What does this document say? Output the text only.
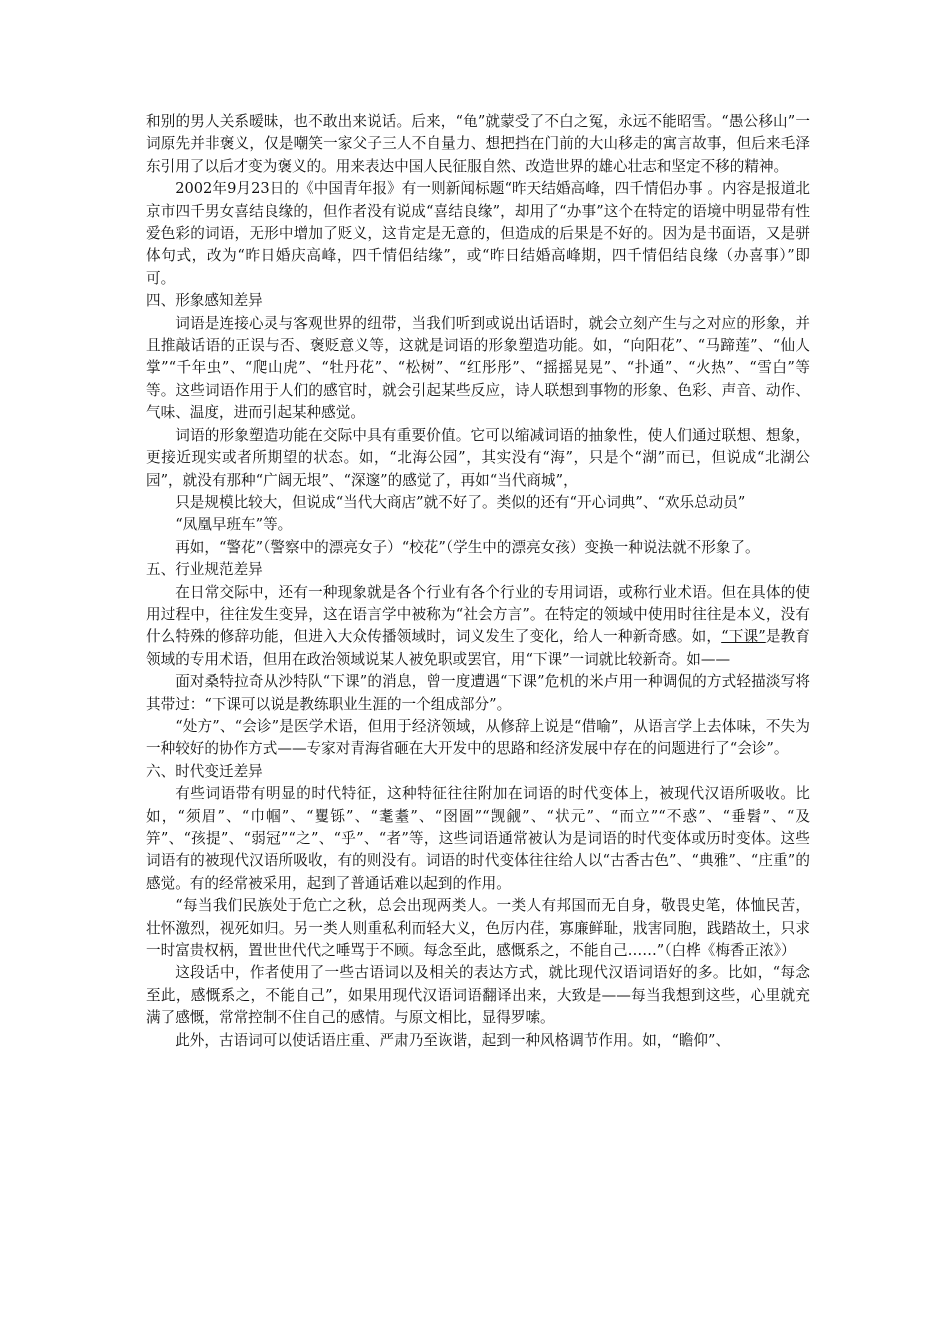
和别的男人关系暧昧，也不敢出来说话。后来，“龟”就蒙受了不白之冤，永远不能昭雪。“愚公移山”一词原先并非褒义，仅是嘲笑一家父子三人不自量力、想把挡在门前的大山移走的寓言故事，但后来毛泽东引用了以后才变为褒义的。用来表达中国人民征服自然、改造世界的雄心壮志和坚定不移的精神。

2002年9月23日的《中国青年报》有一则新闻标题“昨天结婚高峰，四千情侣办事 。内容是报道北京市四千男女喜结良缘的，但作者没有说成“喜结良缘”，却用了“办事”这个在特定的语境中明显带有性爱色彩的词语，无形中增加了贬义，这肯定是无意的，但造成的后果是不好的。因为是书面语，又是骈体句式，改为“昨日婚庆高峰，四千情侣结缘”，或“昨日结婚高峰期，四千情侣结良缘（办喜事）”即可。

四、形象感知差异

词语是连接心灵与客观世界的纽带，当我们听到或说出话语时，就会立刻产生与之对应的形象，并且推敲话语的正误与否、褒贬意义等，这就是词语的形象塑造功能。如，“向阳花”、“马蹄莲”、“仙人掌”“千年虫”、“爬山虎”、“牡丹花”、“松树”、“红彤彤”、“摇摇晃晃”、“扑通”、“火热”、“雪白”等等。这些词语作用于人们的感官时，就会引起某些反应，诗人联想到事物的形象、色彩、声音、动作、气味、温度，进而引起某种感觉。

词语的形象塑造功能在交际中具有重要价值。它可以缩减词语的抽象性，使人们通过联想、想象，更接近现实或者所期望的状态。如，“北海公园”，其实没有“海”，只是个“湖”而已，但说成“北湖公园”，就没有那种“广阔无垠”、“深邃”的感觉了，再如“当代商城”，

只是规模比较大，但说成“当代大商店”就不好了。类似的还有“开心词典”、“欢乐总动员”

“凤凰早班车”等。

再如，“警花”（警察中的漂亮女子）“校花”（学生中的漂亮女孩）变换一种说法就不形象了。

五、行业规范差异

在日常交际中，还有一种现象就是各个行业有各个行业的专用词语，或称行业术语。但在具体的使用过程中，往往发生变异，这在语言学中被称为“社会方言”。在特定的领域中使用时往往是本义，没有什么特殊的修辞功能，但进入大众传播领域时，词义发生了变化，给人一种新奇感。如，“下课”是教育领域的专用术语，但用在政治领域说某人被免职或罢官，用“下课”一词就比较新奇。如——

面对桑特拉奇从沙特队“下课”的消息，曾一度遭遇“下课”危机的米卢用一种调侃的方式轻描淡写将其带过：“下课可以说是教练职业生涯的一个组成部分”。

“处方”、“会诊”是医学术语，但用于经济领域，从修辞上说是“借喻”，从语言学上去体味，不失为一种较好的协作方式——专家对青海省砸在大开发中的思路和经济发展中存在的问题进行了“会诊”。

六、时代变迁差异

有些词语带有明显的时代特征，这种特征往往附加在词语的时代变体上，被现代汉语所吸收。比如，“须眉”、“巾帼”、“矍铄”、“耄耋”、“囹圄”“觊觎”、“状元”、“而立”“不惑”、“垂髫”、“及笄”、“孩提”、“弱冠”“之”、“乎”、“者”等，这些词语通常被认为是词语的时代变体或历时变体。这些词语有的被现代汉语所吸收，有的则没有。词语的时代变体往往给人以“古香古色”、“典雅”、“庄重”的感觉。有的经常被采用，起到了普通话难以起到的作用。

“每当我们民族处于危亡之秋，总会出现两类人。一类人有邦国而无自身，敬畏史笔，体恤民苦，壮怀激烈，视死如归。另一类人则重私利而轻大义，色厉内荏，寡廉鲜耻，戕害同胞，践踏故土，只求一时富贵权柄，置世世代代之唾骂于不顾。每念至此，感慨系之，不能自己……”（白桦《梅香正浓》）

这段话中，作者使用了一些古语词以及相关的表达方式，就比现代汉语词语好的多。比如，“每念至此，感慨系之，不能自己”，如果用现代汉语词语翻译出来，大致是——每当我想到这些，心里就充满了感慨，常常控制不住自己的感情。与原文相比，显得罗嗦。

此外，古语词可以使话语庄重、严肃乃至诙谐，起到一种风格调节作用。如，“瞻仰”、
